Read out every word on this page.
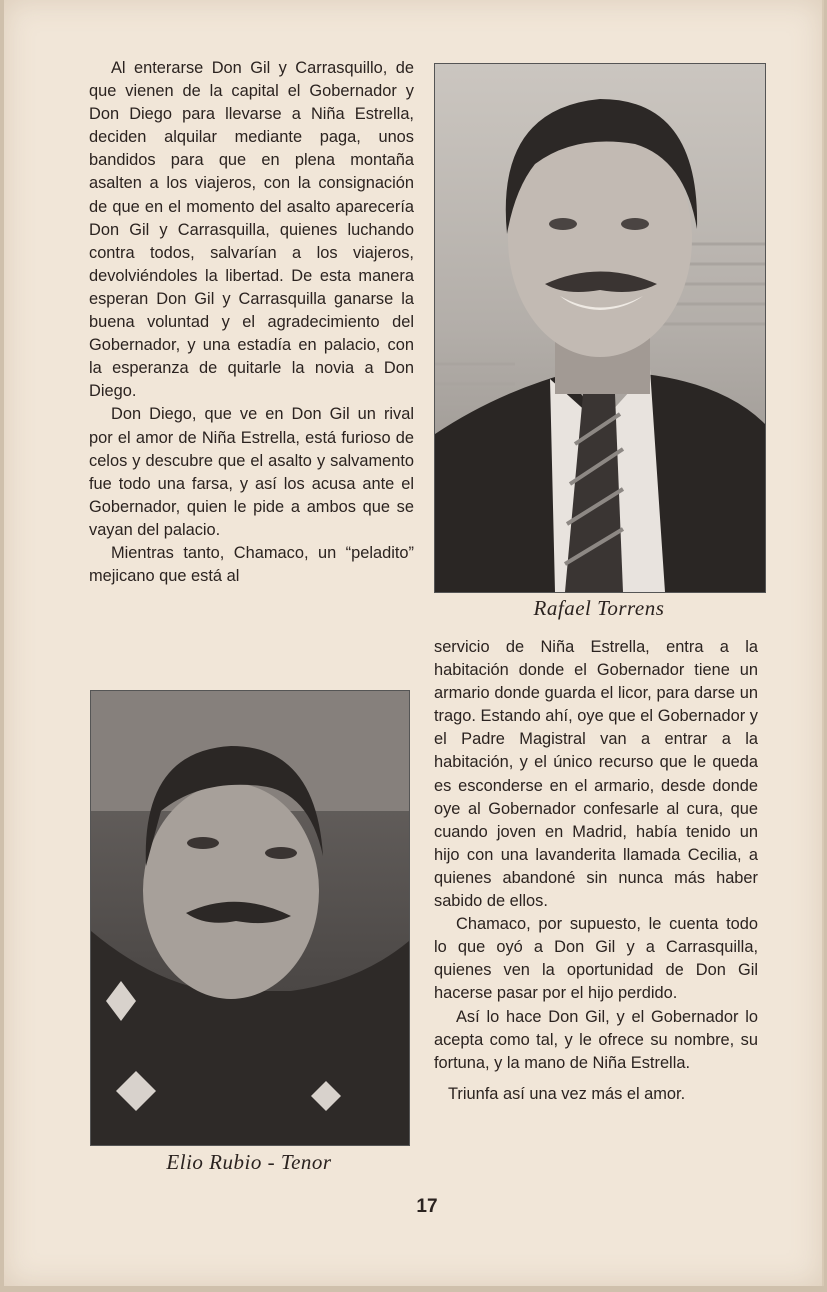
Al enterarse Don Gil y Carrasquillo, de que vienen de la capital el Gobernador y Don Diego para llevarse a Niña Estrella, deciden alquilar mediante paga, unos bandidos para que en plena montaña asalten a los viajeros, con la consignación de que en el momento del asalto aparecería Don Gil y Carrasquilla, quienes luchando contra todos, salvarían a los viajeros, devolviéndoles la libertad. De esta manera esperan Don Gil y Carrasquilla ganarse la buena voluntad y el agradecimiento del Gobernador, y una estadía en palacio, con la esperanza de quitarle la novia a Don Diego.

Don Diego, que ve en Don Gil un rival por el amor de Niña Estrella, está furioso de celos y descubre que el asalto y salvamento fue todo una farsa, y así los acusa ante el Gobernador, quien le pide a ambos que se vayan del palacio.

Mientras tanto, Chamaco, un “peladito” mejicano que está al

Rafael Torrens
Elio Rubio - Tenor

servicio de Niña Estrella, entra a la habitación donde el Gobernador tiene un armario donde guarda el licor, para darse un trago. Estando ahí, oye que el Gobernador y el Padre Magistral van a entrar a la habitación, y el único recurso que le queda es esconderse en el armario, desde donde oye al Gobernador confesarle al cura, que cuando joven en Madrid, había tenido un hijo con una lavanderita llamada Cecilia, a quienes abandoné sin nunca más haber sabido de ellos.

Chamaco, por supuesto, le cuenta todo lo que oyó a Don Gil y a Carrasquilla, quienes ven la oportunidad de Don Gil hacerse pasar por el hijo perdido.

Así lo hace Don Gil, y el Gobernador lo acepta como tal, y le ofrece su nombre, su fortuna, y la mano de Niña Estrella.

Triunfa así una vez más el amor.

17
